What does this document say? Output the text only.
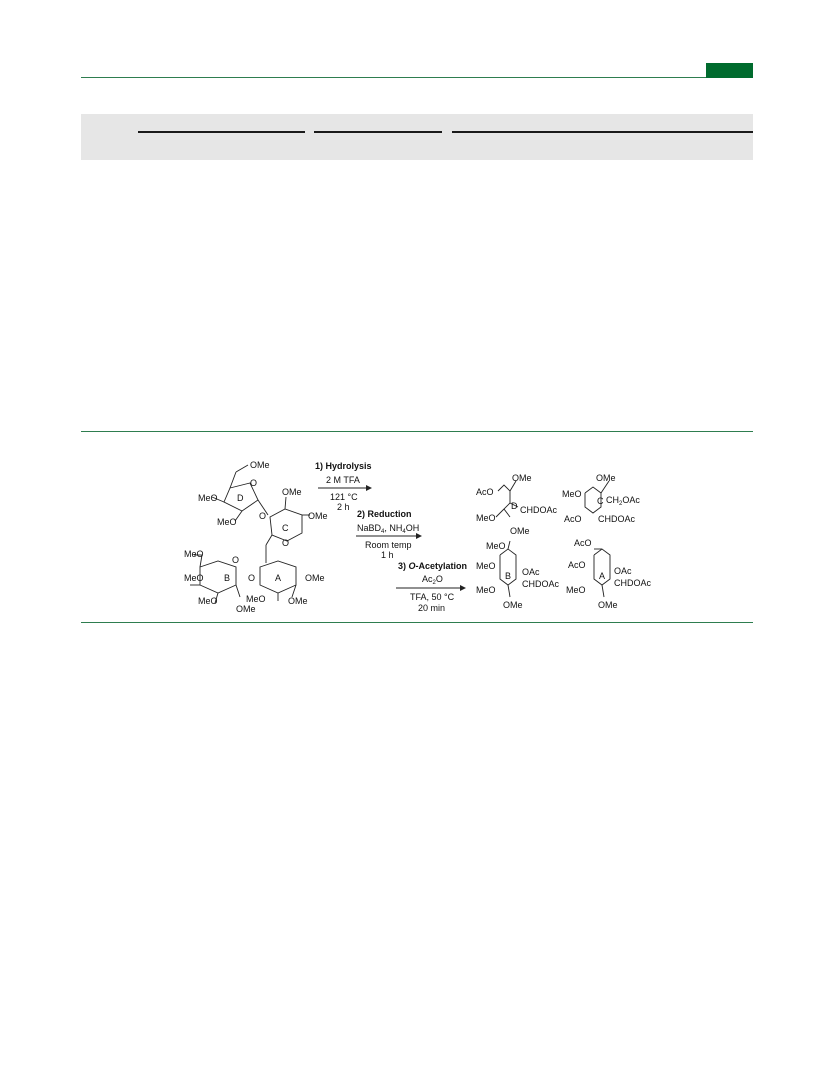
OMe
MeO
MeO
O
D
OMe
OMe
O
O
C
MeO
O
MeO	O	OMe
MeO	MeO
OMe
OMe
B	A
1) Hydrolysis
2 M TFA
121 °C
2 h
2) Reduction
NaBD$_4$, $NH_4OH$
Room temp
1 h
3) O-Acetylation
$Ac_2O$
TFA, 50 °C
20 min
OMe
AcO
MeO
CHDOAc
OMe
D
OMe
MeO
$CH_2OAc$
AcO CHDOAc
C
MeO
MeO
OAc
MeO
CHDOAc
OMe
B
AcO
AcO
OAc
MeO
CHDOAc
OMe
A
